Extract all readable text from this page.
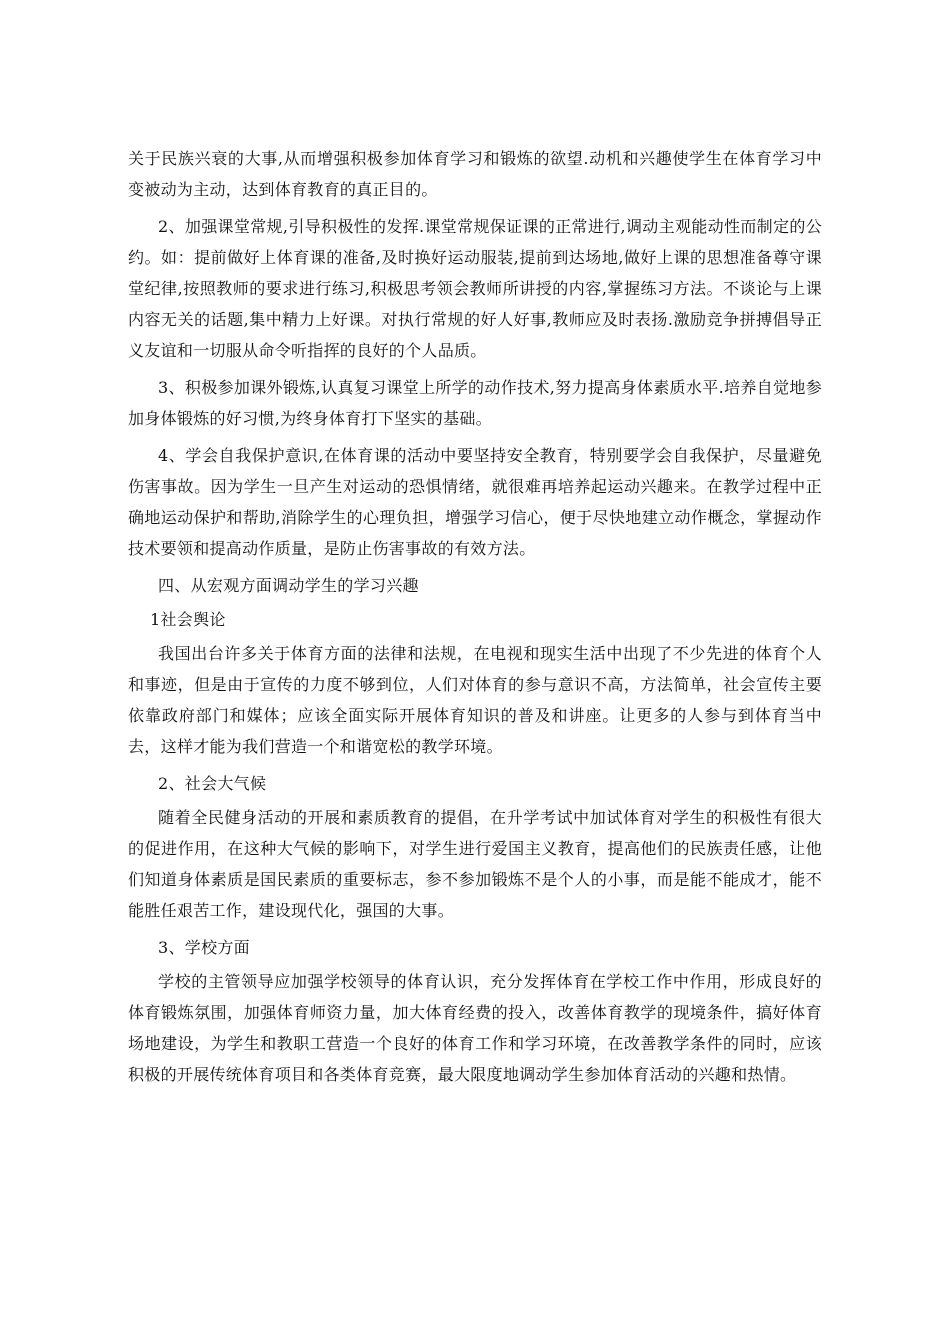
关于民族兴衰的大事,从而增强积极参加体育学习和锻炼的欲望.动机和兴趣使学生在体育学习中变被动为主动，达到体育教育的真正目的。

2、加强课堂常规,引导积极性的发挥.课堂常规保证课的正常进行,调动主观能动性而制定的公约。如：提前做好上体育课的准备,及时换好运动服装,提前到达场地,做好上课的思想准备尊守课堂纪律,按照教师的要求进行练习,积极思考领会教师所讲授的内容,掌握练习方法。不谈论与上课内容无关的话题,集中精力上好课。对执行常规的好人好事,教师应及时表扬.激励竞争拼搏倡导正义友谊和一切服从命令听指挥的良好的个人品质。

3、积极参加课外锻炼,认真复习课堂上所学的动作技术,努力提高身体素质水平.培养自觉地参加身体锻炼的好习惯,为终身体育打下坚实的基础。

4、学会自我保护意识,在体育课的活动中要坚持安全教育，特别要学会自我保护，尽量避免伤害事故。因为学生一旦产生对运动的恐惧情绪，就很难再培养起运动兴趣来。在教学过程中正确地运动保护和帮助,消除学生的心理负担，增强学习信心，便于尽快地建立动作概念，掌握动作技术要领和提高动作质量，是防止伤害事故的有效方法。

四、从宏观方面调动学生的学习兴趣

1社会舆论

我国出台许多关于体育方面的法律和法规，在电视和现实生活中出现了不少先进的体育个人和事迹，但是由于宣传的力度不够到位，人们对体育的参与意识不高，方法简单，社会宣传主要依靠政府部门和媒体；应该全面实际开展体育知识的普及和讲座。让更多的人参与到体育当中去，这样才能为我们营造一个和谐宽松的教学环境。

2、社会大气候

随着全民健身活动的开展和素质教育的提倡，在升学考试中加试体育对学生的积极性有很大的促进作用，在这种大气候的影响下，对学生进行爱国主义教育，提高他们的民族责任感，让他们知道身体素质是国民素质的重要标志，参不参加锻炼不是个人的小事，而是能不能成才，能不能胜任艰苦工作，建设现代化，强国的大事。

3、学校方面

学校的主管领导应加强学校领导的体育认识，充分发挥体育在学校工作中作用，形成良好的体育锻炼氛围，加强体育师资力量，加大体育经费的投入，改善体育教学的现境条件，搞好体育场地建设，为学生和教职工营造一个良好的体育工作和学习环境，在改善教学条件的同时，应该积极的开展传统体育项目和各类体育竞赛，最大限度地调动学生参加体育活动的兴趣和热情。
